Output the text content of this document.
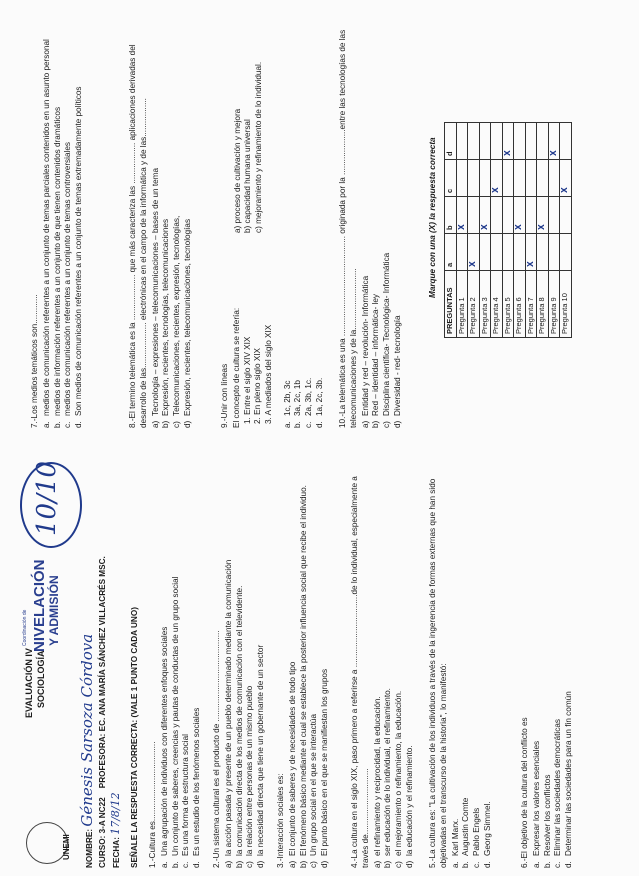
UNEMI
EVALUACIÓN IV SOCIOLOGÍA
Coordinación de NIVELACIÓN Y ADMISIÓN
10/10
NOMBRE: Génesis Sarsoza Córdova
CURSO: 3-A NC22    PROFESORA: EC. ANA MARÍA SÁNCHEZ VILLACRÉS MSC.
FECHA: 17/8/12 SEÑALE LA RESPUESTA CORRECTA: (VALE 1 PUNTO CADA UNO) 1.-Cultura es................................... a.Una agrupación de individuos con diferentes enfoques sociales

b.Un conjunto de saberes, creencias y pautas de conductas de un grupo social

c.Es una forma de estructura social

d.Es un estudio de los fenómenos sociales 2.-Un sistema cultural es el producto de ........................................ a)la acción pasada y presente de un pueblo determinado mediante la comunicación

b)la comunicación directa de los medios de comunicación con el televidente.

c)la relación entre personas de un mismo pueblo

d)la necesidad directa que tiene un gobernante de un sector 3.-Interacción sociales es: a)El conjunto de saberes y de necesidades de todo tipo

b)El fenómeno básico mediante el cual se establece la posterior influencia social que recibe el individuo.

c)Un grupo social en el que se interactúa

d)El punto básico en el que se manifiestan los grupos	4.-La cultura en el siglo XIX, paso primero a referirse a ................................de lo individual, especialmente a través de............................. a)el refinamiento y reciprocidad, la educación.

b)ser educación de lo individual, el refinamiento.

c)el mejoramiento o refinamiento, la educación.

d)la educación y el refinamiento. 5.-La cultura es: "La cultivación de los individuos a través de la ingerencia de formas externas que han sido objetivadas en el transcurso de la historia", lo manifestó: a.Karl Marx.

b.Augustin Comte

c.Pablo Engels

d.Georg Simmel.	6.-El objetivo de la cultura del conflicto es a.Expresar los valores esenciales

b.Resolver los conflictos

c.Eliminar las sociedades democráticas

d.Determinar las sociedades para un fin común

7.-Los medios temáticos son............. a.medios de comunicación referentes a un conjunto de temas parciales contenidos en un asunto personal

b.medios de información referentes a un conjunto de que tienen contenidos dramáticos

c.medios de comunicación referentes a un conjunto de temas controversiales

d.Son medios de comunicación referentes a un conjunto de temas extremadamente políticos	8.-El termino telemática es la .................... que más caracteriza las .................. aplicaciones derivadas del desarrollo de las.................... electrónicas en el campo de la informática y de las................. a)Tecnología – expresiones – telecomunicaciones – bases de un tema

b)Expresión, recientes, tecnologías, telecomunicaciones

c)Telecomunicaciones, recientes, expresión, tecnologías,

d)Expresión, recientes, telecomunicaciones, tecnologías	9.-Unir con líneas El concepto de cultura se refería: 1. Entre el siglo XIV XIX 2. En pleno siglo XIX 3. A mediados del siglo XIX

a) proceso de cultivación y mejora b) capacidad humana universal c) mejoramiento y refinamiento de lo individual.

a.1c, 2b, 3c

b.3a, 2c, 1b

c.2a, 3b, 1c.

d.1a, 2c, 3b. 10.-La telemática es una ............................................ originada por la ....................entre las tecnologías de las telecomunicaciones y de la........................... a)Entidad y red – revolución- Informática

b)Red – identidad – informática- ley

c)Disciplina científica- Tecnológica- Informática

d)Diversidad - red- tecnología

Marque con una (X) la respuesta correcta
PREGUNTAS	a	b	c	d
Pregunta 1		X		
Pregunta 2	X			
Pregunta 3		X		
Pregunta 4			X	
Pregunta 5				X
Pregunta 6		X		
Pregunta 7	X			
Pregunta 8		X		
Pregunta 9				X
Pregunta 10			X	
